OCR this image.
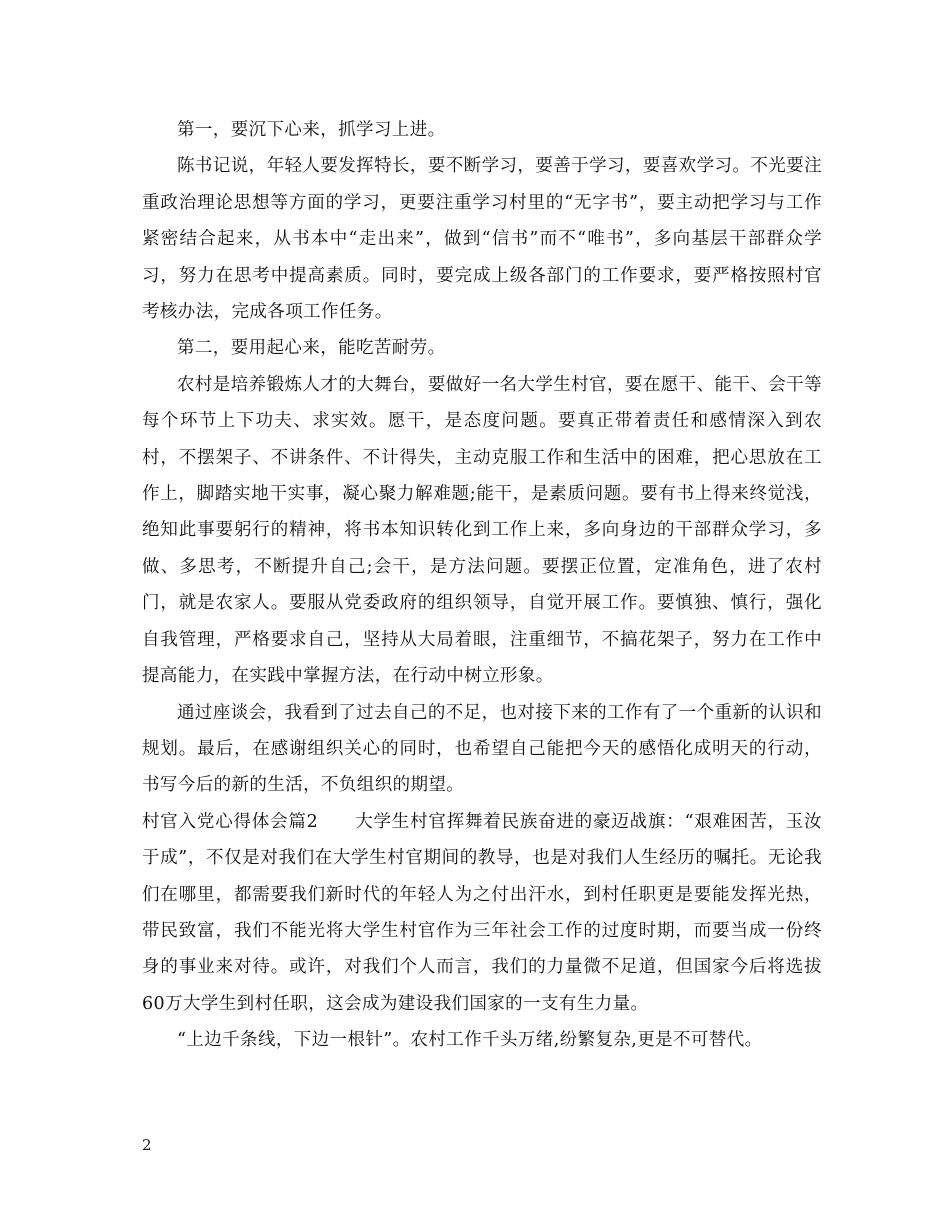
第一，要沉下心来，抓学习上进。

陈书记说，年轻人要发挥特长，要不断学习，要善于学习，要喜欢学习。不光要注重政治理论思想等方面的学习，更要注重学习村里的“无字书”，要主动把学习与工作紧密结合起来，从书本中“走出来”，做到“信书”而不“唯书”，多向基层干部群众学习，努力在思考中提高素质。同时，要完成上级各部门的工作要求，要严格按照村官考核办法，完成各项工作任务。

第二，要用起心来，能吃苦耐劳。

农村是培养锻炼人才的大舞台，要做好一名大学生村官，要在愿干、能干、会干等每个环节上下功夫、求实效。愿干，是态度问题。要真正带着责任和感情深入到农村，不摆架子、不讲条件、不计得失，主动克服工作和生活中的困难，把心思放在工作上，脚踏实地干实事，凝心聚力解难题;能干，是素质问题。要有书上得来终觉浅，绝知此事要躬行的精神，将书本知识转化到工作上来，多向身边的干部群众学习，多做、多思考，不断提升自己;会干，是方法问题。要摆正位置，定准角色，进了农村门，就是农家人。要服从党委政府的组织领导，自觉开展工作。要慎独、慎行，强化自我管理，严格要求自己，坚持从大局着眼，注重细节，不搞花架子，努力在工作中提高能力，在实践中掌握方法，在行动中树立形象。

通过座谈会，我看到了过去自己的不足，也对接下来的工作有了一个重新的认识和规划。最后，在感谢组织关心的同时，也希望自己能把今天的感悟化成明天的行动，书写今后的新的生活，不负组织的期望。

村官入党心得体会篇2　　大学生村官挥舞着民族奋进的豪迈战旗：“艰难困苦，玉汝于成”，不仅是对我们在大学生村官期间的教导，也是对我们人生经历的嘱托。无论我们在哪里，都需要我们新时代的年轻人为之付出汗水，到村任职更是要能发挥光热，带民致富，我们不能光将大学生村官作为三年社会工作的过度时期，而要当成一份终身的事业来对待。或许，对我们个人而言，我们的力量微不足道，但国家今后将选拔60万大学生到村任职，这会成为建设我们国家的一支有生力量。

“上边千条线，下边一根针”。农村工作千头万绪,纷繁复杂,更是不可替代。

2
